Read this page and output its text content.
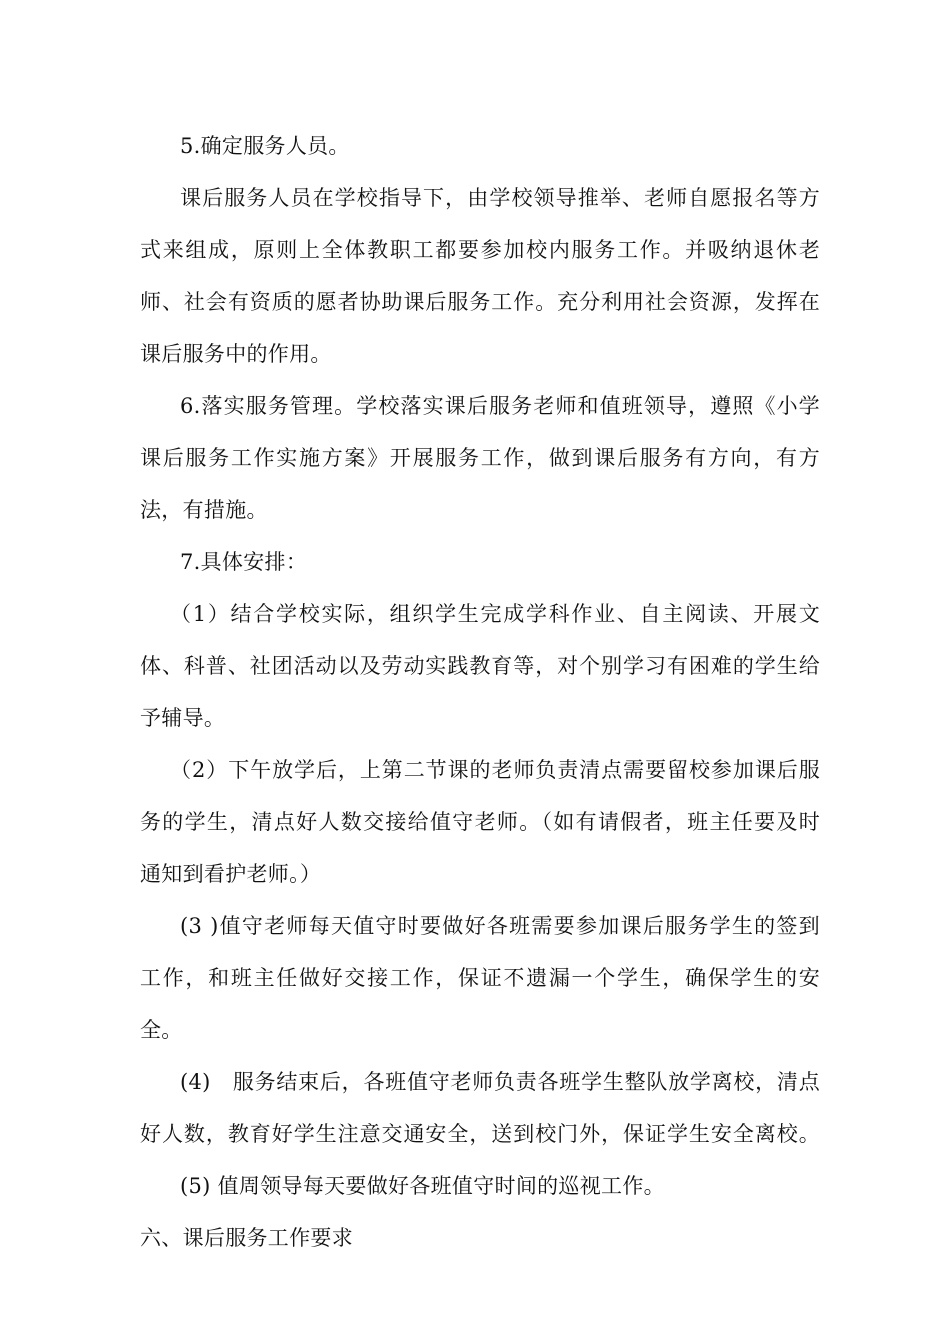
5.确定服务人员。
课后服务人员在学校指导下，由学校领导推举、老师自愿报名等方
式来组成，原则上全体教职工都要参加校内服务工作。并吸纳退休老
师、社会有资质的愿者协助课后服务工作。充分利用社会资源，发挥在
课后服务中的作用。
6.落实服务管理。学校落实课后服务老师和值班领导，遵照《小学
课后服务工作实施方案》开展服务工作，做到课后服务有方向，有方
法，有措施。
7.具体安排：
（1）结合学校实际，组织学生完成学科作业、自主阅读、开展文
体、科普、社团活动以及劳动实践教育等，对个别学习有困难的学生给
予辅导。
（2）下午放学后，上第二节课的老师负责清点需要留校参加课后服
务的学生，清点好人数交接给值守老师。（如有请假者，班主任要及时
通知到看护老师。）
(3 )值守老师每天值守时要做好各班需要参加课后服务学生的签到
工作，和班主任做好交接工作，保证不遗漏一个学生，确保学生的安
全。
(4)　服务结束后，各班值守老师负责各班学生整队放学离校，清点
好人数，教育好学生注意交通安全，送到校门外，保证学生安全离校。
(5) 值周领导每天要做好各班值守时间的巡视工作。
六、课后服务工作要求
